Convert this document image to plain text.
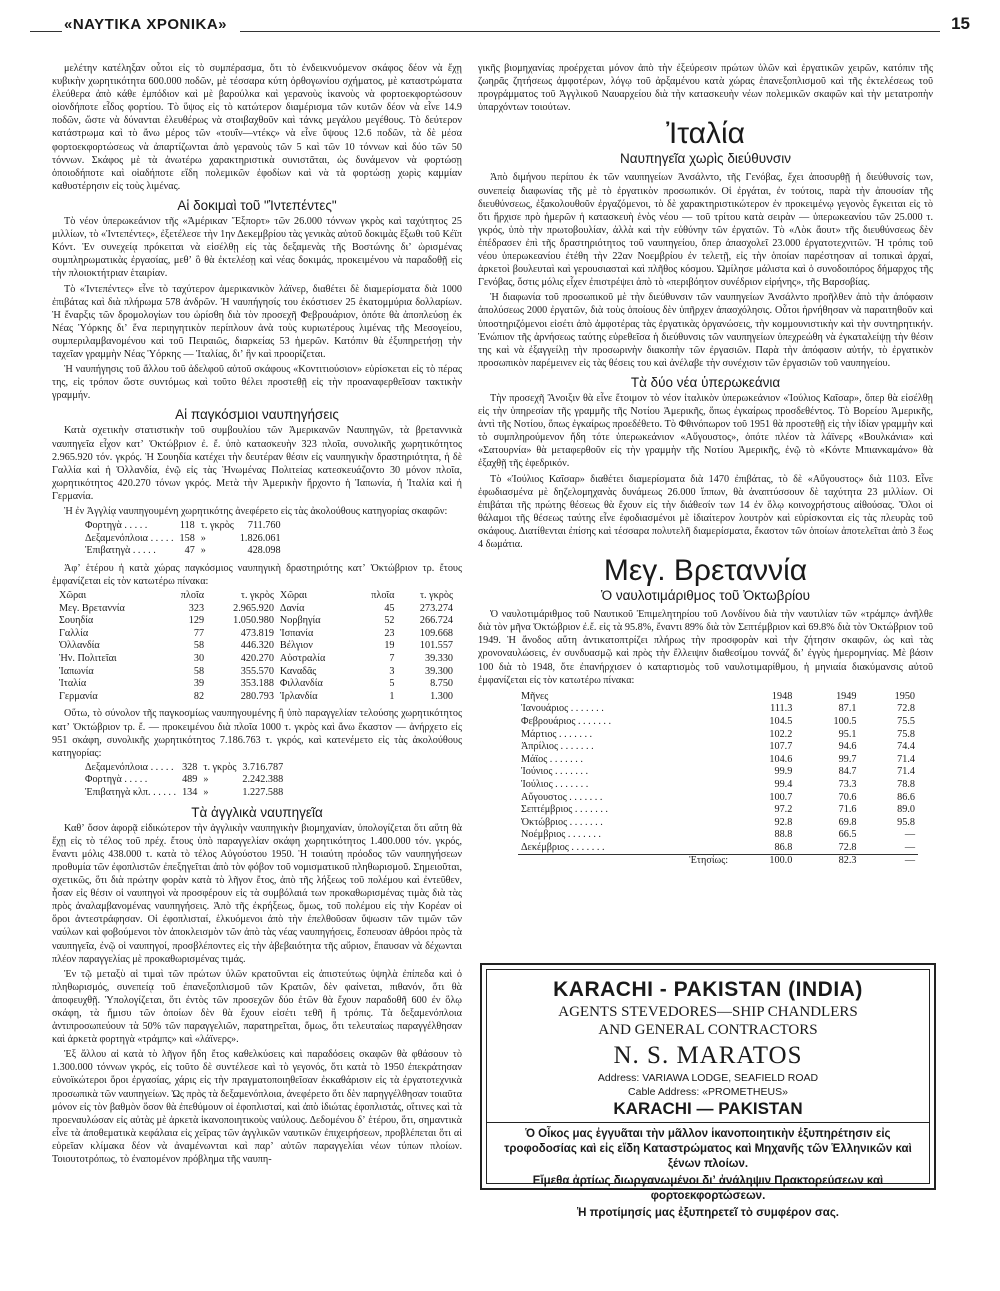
«ΝΑΥΤΙΚΑ ΧΡΟΝΙΚΑ»	15

μελέτην κατέληξαν οὗτοι εἰς τὸ συμπέρασμα, ὅτι τὸ ἐνδεικνυόμενον σκάφος δέον νὰ ἔχῃ κυβικὴν χωρητικότητα 600.000 ποδῶν, μὲ τέσσαρα κύτη ὀρθογωνίου σχήματος, μὲ καταστρώματα ἐλεύθερα ἀπὸ κάθε ἐμπόδιον καὶ μὲ βαρούλκα καὶ γερανοὺς ἱκανοὺς νὰ φορτοεκφορτώσουν οἱονδήποτε εἶδος φορτίου. Τὸ ὕψος εἰς τὸ κατώτερον διαμέρισμα τῶν κυτῶν δέον νὰ εἶνε 14.9 ποδῶν, ὥστε νὰ δύνανται ἐλευθέρως νὰ στοιβαχθοῦν καὶ τάνκς μεγάλου μεγέθους. Τὸ δεύτερον κατάστρωμα καὶ τὸ ἄνω μέρος τῶν «τουΐν—ντέκς» νὰ εἶνε ὕψους 12.6 ποδῶν, τὰ δὲ μέσα φορτοεκφορτώσεως νὰ ἀπαρτίζωνται ἀπὸ γερανοὺς τῶν 5 καὶ τῶν 10 τόννων καὶ δύο τῶν 50 τόννων. Σκάφος μὲ τὰ ἀνωτέρω χαρακτηριστικὰ συνιστᾶται, ὡς δυνάμενον νὰ φορτώσῃ ὁποιοδήποτε καὶ οἱαδήποτε εἴδη πολεμικῶν ἐφοδίων καὶ νὰ τὰ φορτώσῃ χωρὶς καμμίαν καθυστέρησιν εἰς τοὺς λιμένας.

Αἱ δοκιμαὶ τοῦ "Ἰντεπέντες"

Τὸ νέον ὑπερωκεάνιον τῆς «Ἀμέρικαν Ἔξπορτ» τῶν 26.000 τόννων γκρὸς καὶ ταχύτητος 25 μιλλίων, τὸ «Ἰντεπέντες», ἐξετέλεσε τὴν 1ην Δεκεμβρίου τὰς γενικὰς αὐτοῦ δοκιμὰς ἔξωθι τοῦ Κέϊπ Κόντ. Ἐν συνεχείᾳ πρόκειται νὰ εἰσέλθῃ εἰς τὰς δεξαμενὰς τῆς Βοστώνης διʼ ὡρισμένας συμπληρωματικὰς ἐργασίας, μεθʼ ὃ θὰ ἐκτελέσῃ καὶ νέας δοκιμάς, προκειμένου νὰ παραδοθῇ εἰς τὴν πλοιοκτήτριαν ἑταιρίαν.

Τὸ «Ἰντεπέντες» εἶνε τὸ ταχύτερον ἀμερικανικὸν λάϊνερ, διαθέτει δὲ διαμερίσματα διὰ 1000 ἐπιβάτας καὶ διὰ πλήρωμα 578 ἀνδρῶν. Ἡ ναυπήγησίς του ἐκόστισεν 25 ἑκατομμύρια δολλαρίων. Ἡ ἔναρξις τῶν δρομολογίων του ὡρίσθη διὰ τὸν προσεχῆ Φεβρουάριον, ὁπότε θὰ ἀποπλεύσῃ ἐκ Νέας Ὑόρκης διʼ ἕνα περιηγητικὸν περίπλουν ἀνὰ τοὺς κυριωτέρους λιμένας τῆς Μεσογείου, συμπεριλαμβανομένου καὶ τοῦ Πειραιῶς, διαρκείας 53 ἡμερῶν. Κατόπιν θὰ ἐξυπηρετήσῃ τὴν ταχεῖαν γραμμὴν Νέας Ὑόρκης — Ἰταλίας, διʼ ἣν καὶ προορίζεται.

Ἡ ναυπήγησις τοῦ ἄλλου τοῦ ἀδελφοῦ αὐτοῦ σκάφους «Κοντιτιούσιον» εὑρίσκεται εἰς τὸ πέρας της, εἰς τρόπον ὥστε συντόμως καὶ τοῦτο θέλει προστεθῇ εἰς τὴν προαναφερθεῖσαν τακτικὴν γραμμήν.

Αἱ παγκόσμιοι ναυπηγήσεις

Κατὰ σχετικὴν στατιστικὴν τοῦ συμβουλίου τῶν Ἀμερικανῶν Ναυπηγῶν, τὰ βρεταννικὰ ναυπηγεῖα εἶχον κατʼ Ὀκτώβριον ἐ. ἔ. ὑπὸ κατασκευὴν 323 πλοῖα, συνολικῆς χωρητικότητος 2.965.920 τόν. γκρός. Ἡ Σουηδία κατέχει τὴν δευτέραν θέσιν εἰς ναυπηγικὴν δραστηριότητα, ἡ δὲ Γαλλία καὶ ἡ Ὁλλανδία, ἐνῷ εἰς τὰς Ἡνωμένας Πολιτείας κατεσκευάζοντο 30 μόνον πλοῖα, χωρητικότητος 420.270 τόνων γκρός. Μετὰ τὴν Ἀμερικὴν ἤρχοντο ἡ Ἰαπωνία, ἡ Ἰταλία καὶ ἡ Γερμανία.

Ἡ ἐν Ἀγγλίᾳ ναυπηγουμένη χωρητικότης ἀνεφέρετο εἰς τὰς ἀκολούθους κατηγορίας σκαφῶν:

Φορτηγὰ . . . . .	118	τ. γκρὸς	711.760
Δεξαμενόπλοια . . . . .	158	»	1.826.061
Ἐπιβατηγὰ . . . . .	47	»	428.098

Ἀφʼ ἑτέρου ἡ κατὰ χώρας παγκόσμιος ναυπηγικὴ δραστηριότης κατʼ Ὀκτώβριον τρ. ἔτους ἐμφανίζεται εἰς τὸν κατωτέρω πίνακα:

Χῶραι	πλοῖα	τ. γκρὸς	Χῶραι	πλοῖα	τ. γκρὸς
Μεγ. Βρεταννία	323	2.965.920	Δανία	45	273.274
Σουηδία	129	1.050.980	Νορβηγία	52	266.724
Γαλλία	77	473.819	Ἱσπανία	23	109.668
Ὁλλανδία	58	446.320	Βέλγιον	19	101.557
Ἡν. Πολιτεῖαι	30	420.270	Αὐστραλία	7	39.330
Ἰαπωνία	58	355.570	Καναδᾶς	3	39.300
Ἰταλία	39	353.188	Φιλλανδία	5	8.750
Γερμανία	82	280.793	Ἰρλανδία	1	1.300

Οὕτω, τὸ σύνολον τῆς παγκοσμίως ναυπηγουμένης ἢ ὑπὸ παραγγελίαν τελούσης χωρητικότητος κατʼ Ὀκτώβριον τρ. ἔ. — προκειμένου διὰ πλοῖα 1000 τ. γκρὸς καὶ ἄνω ἕκαστον — ἀνήρχετο εἰς 951 σκάφη, συνολικῆς χωρητικότητος 7.186.763 τ. γκρός, καὶ κατενέμετο εἰς τὰς ἀκολούθους κατηγορίας:

Δεξαμενόπλοια . . . . .	328	τ. γκρὸς	3.716.787
Φορτηγὰ . . . . .	489	»	2.242.388
Ἐπιβατηγὰ κλπ. . . . . .	134	»	1.227.588
Τὰ ἀγγλικὰ ναυπηγεῖα

Καθʼ ὅσον ἀφορᾷ εἰδικώτερον τὴν ἀγγλικὴν ναυπηγικὴν βιομηχανίαν, ὑπολογίζεται ὅτι αὕτη θὰ ἔχῃ εἰς τὸ τέλος τοῦ πρέχ. ἔτους ὑπὸ παραγγελίαν σκάφη χωρητικότητος 1.400.000 τόν. γκρός, ἔναντι μόλις 438.000 τ. κατὰ τὸ τέλος Αὐγούστου 1950. Ἡ τοιαύτη πρόοδος τῶν ναυπηγήσεων προθυμία τῶν ἐφοπλιστῶν ἐπεξηγεῖται ἀπὸ τὸν φόβον τοῦ νομισματικοῦ πληθωρισμοῦ. Σημειοῦται, σχετικῶς, ὅτι διὰ πρώτην φορὰν κατὰ τὸ λῆγον ἔτος, ἀπὸ τῆς λήξεως τοῦ πολέμου καὶ ἐντεῦθεν, ἦσαν εἰς θέσιν οἱ ναυπηγοὶ νὰ προσφέρουν εἰς τὰ συμβόλαιά των προκαθωρισμένας τιμὰς διὰ τὰς πρὸς ἀναλαμβανομένας ναυπηγήσεις. Ἀπὸ τῆς ἐκρήξεως, ὅμως, τοῦ πολέμου εἰς τὴν Κορέαν οἱ ὅροι ἀντεστράφησαν. Οἱ ἐφοπλισταί, ἑλκυόμενοι ἀπὸ τὴν ἐπελθοῦσαν ὕψωσιν τῶν τιμῶν τῶν ναύλων καὶ φοβούμενοι τὸν ἀποκλεισμὸν τῶν ἀπὸ τὰς νέας ναυπηγήσεις, ἔσπευσαν ἀθρόοι πρὸς τὰ ναυπηγεῖα, ἐνῷ οἱ ναυπηγοί, προσβλέποντες εἰς τὴν ἀβεβαιότητα τῆς αὔριον, ἔπαυσαν νὰ δέχωνται πλέον παραγγελίας μὲ προκαθωρισμένας τιμάς.

Ἐν τῷ μεταξὺ αἱ τιμαὶ τῶν πρώτων ὑλῶν κρατοῦνται εἰς ἀπιστεύτως ὑψηλὰ ἐπίπεδα καὶ ὁ πληθωρισμός, συνεπείᾳ τοῦ ἐπανεξοπλισμοῦ τῶν Κρατῶν, δὲν φαίνεται, πιθανόν, ὅτι θὰ ἀποφευχθῇ. Ὑπολογίζεται, ὅτι ἐντὸς τῶν προσεχῶν δύο ἐτῶν θὰ ἔχουν παραδοθῆ 600 ἐν ὅλῳ σκάφη, τὰ ἥμισυ τῶν ὁποίων δὲν θὰ ἔχουν εἰσέτι τεθῆ ἢ τρόπις. Τὰ δεξαμενόπλοια ἀντιπροσωπεύουν τὰ 50% τῶν παραγγελιῶν, παρατηρεῖται, ὅμως, ὅτι τελευταίως παραγγέλθησαν καὶ ἀρκετὰ φορτηγὰ «τράμπς» καὶ «λάϊνερς».

Ἐξ ἄλλου αἱ κατὰ τὸ λῆγον ἤδη ἔτος καθελκύσεις καὶ παραδόσεις σκαφῶν θὰ φθάσουν τὸ 1.300.000 τόννων γκρός, εἰς τοῦτο δὲ συντέλεσε καὶ τὸ γεγονός, ὅτι κατὰ τὸ 1950 ἐπεκράτησαν εὐνοϊκώτεροι ὅροι ἐργασίας, χάρις εἰς τὴν πραγματοποιηθεῖσαν ἐκκαθάρισιν εἰς τὰ ἐργατοτεχνικὰ προσωπικὰ τῶν ναυπηγείων. Ὡς πρὸς τὰ δεξαμενόπλοια, ἀνεφέρετο ὅτι δὲν παρηγγέλθησαν τοιαῦτα μόνον εἰς τὸν βαθμὸν ὅσον θὰ ἐπεθύμουν οἱ ἐφοπλισταί, καὶ ἀπὸ ἰδιώτας ἐφοπλιστάς, οἵτινες καὶ τὰ προεναυλώσαν εἰς αὐτὰς μὲ ἀρκετὰ ἱκανοποιητικοὺς ναύλους. Δεδομένου δʼ ἑτέρου, ὅτι, σημαντικὰ εἶνε τὰ ἀποθεματικὰ κεφάλαια εἰς χεῖρας τῶν ἀγγλικῶν ναυτικῶν ἐπιχειρήσεων, προβλέπεται ὅτι αἱ εὐρεῖαν κλίμακα δέον νὰ ἀναμένωνται καὶ παρʼ αὐτῶν παραγγελίαι νέων τύπων πλοίων. Τοιουτοτρόπως, τὸ ἐναπομένον πρόβλημα τῆς ναυπη-

γικῆς βιομηχανίας προέρχεται μόνον ἀπὸ τὴν ἐξεύρεσιν πρώτων ὑλῶν καὶ ἐργατικῶν χειρῶν, κατόπιν τῆς ζωηρᾶς ζητήσεως ἀμφοτέρων, λόγῳ τοῦ ἀρξαμένου κατὰ χώρας ἐπανεξοπλισμοῦ καὶ τῆς ἐκτελέσεως τοῦ προγράμματος τοῦ Ἀγγλικοῦ Ναυαρχείου διὰ τὴν κατασκευὴν νέων πολεμικῶν σκαφῶν καὶ τὴν μετατροπὴν ὑπαρχόντων τοιούτων.

Ἰταλία
Ναυπηγεῖα χωρὶς διεύθυνσιν

Ἀπὸ διμήνου περίπου ἐκ τῶν ναυπηγείων Ἀνσάλντο, τῆς Γενόβας, ἔχει ἀποσυρθῇ ἡ διεύθυνσίς των, συνεπείᾳ διαφωνίας τῆς μὲ τὸ ἐργατικὸν προσωπικόν. Οἱ ἐργάται, ἐν τούτοις, παρὰ τὴν ἀπουσίαν τῆς διευθύνσεως, ἐξακολουθοῦν ἐργαζόμενοι, τὸ δὲ χαρακτηριστικώτερον ἐν προκειμένῳ γεγονὸς ἔγκειται εἰς τὸ ὅτι ἤρχισε πρὸ ἡμερῶν ἡ κατασκευὴ ἑνὸς νέου — τοῦ τρίτου κατὰ σειρὰν — ὑπερωκεανίου τῶν 25.000 τ. γκρός, ὑπὸ τὴν πρωτοβουλίαν, ἀλλὰ καὶ τὴν εὐθύνην τῶν ἐργατῶν. Τὸ «Λὸκ ἄουτ» τῆς διευθύνσεως δὲν ἐπέδρασεν ἐπὶ τῆς δραστηριότητος τοῦ ναυπηγείου, ὅπερ ἀπασχολεῖ 23.000 ἐργατοτεχνιτῶν. Ἡ τρόπις τοῦ νέου ὑπερωκεανίου ἐτέθη τὴν 22αν Νοεμβρίου ἐν τελετῇ, εἰς τὴν ὁποίαν παρέστησαν αἱ τοπικαὶ ἀρχαί, ἀρκετοὶ βουλευταὶ καὶ γερουσιασταὶ καὶ πλῆθος κόσμου. Ὡμίλησε μάλιστα καὶ ὁ συνοδοιπόρος δήμαρχος τῆς Γενόβας, ὅστις μόλις εἶχεν ἐπιστρέψει ἀπὸ τὸ «περιβόητον συνέδριον εἰρήνης», τῆς Βαρσοβίας.

Ἡ διαφωνία τοῦ προσωπικοῦ μὲ τὴν διεύθυνσιν τῶν ναυπηγείων Ἀνσάλντο προῆλθεν ἀπὸ τὴν ἀπόφασιν ἀπολύσεως 2000 ἐργατῶν, διὰ τοὺς ὁποίους δὲν ὑπῆρχεν ἀπασχόλησις. Οὗτοι ἠρνήθησαν νὰ παραιτηθοῦν καὶ ὑποστηριζόμενοι εἰσέτι ἀπὸ ἀμφοτέρας τὰς ἐργατικὰς ὀργανώσεις, τὴν κομμουνιστικὴν καὶ τὴν συντηρητικήν. Ἐνώπιον τῆς ἀρνήσεως ταύτης εὑρεθεῖσα ἡ διεύθυνσις τῶν ναυπηγείων ὑπεχρεώθη νὰ ἐγκαταλείψῃ τὴν θέσιν της καὶ νὰ ἐξαγγείλῃ τὴν προσωρινὴν διακοπὴν τῶν ἐργασιῶν. Παρὰ τὴν ἀπόφασιν αὐτήν, τὸ ἐργατικὸν προσωπικὸν παρέμεινεν εἰς τὰς θέσεις του καὶ ἀνέλαβε τὴν συνέχισιν τῶν ἐργασιῶν τοῦ ναυπηγείου.

Τὰ δύο νέα ὑπερωκεάνια

Τὴν προσεχῆ Ἄνοιξιν θὰ εἶνε ἕτοιμον τὸ νέον ἰταλικὸν ὑπερωκεάνιον «Ἰούλιος Καῖσαρ», ὅπερ θὰ εἰσέλθῃ εἰς τὴν ὑπηρεσίαν τῆς γραμμῆς τῆς Νοτίου Ἀμερικῆς, ὅπως ἐγκαίρως προσδεθέντος. Τὸ Βορείου Ἀμερικῆς, ἀντὶ τῆς Νοτίου, ὅπως ἐγκαίρως προεδέθετο. Τὸ Φθινόπωρον τοῦ 1951 θὰ προστεθῇ εἰς τὴν ἰδίαν γραμμὴν καὶ τὸ συμπληρούμενον ἤδη τότε ὑπερωκεάνιον «Αὔγουστος», ὁπότε πλέον τὰ λάϊνερς «Βουλκάνια» καὶ «Σατουρνία» θὰ μεταφερθοῦν εἰς τὴν γραμμὴν τῆς Νοτίου Ἀμερικῆς, ἐνῷ τὸ «Κόντε Μπιανκαμάνο» θὰ ἐξαχθῇ τῆς ἐφεδρικόν.

Τὸ «Ἰούλιος Καῖσαρ» διαθέτει διαμερίσματα διὰ 1470 ἐπιβάτας, τὸ δὲ «Αὔγουστος» διὰ 1103. Εἶνε ἐφωδιασμένα μὲ δηζελομηχανὰς δυνάμεως 26.000 ἵππων, θὰ ἀναπτύσσουν δὲ ταχύτητα 23 μιλλίων. Οἱ ἐπιβάται τῆς πρώτης θέσεως θὰ ἔχουν εἰς τὴν διάθεσίν των 14 ἐν ὅλῳ κοινοχρήστους αἰθούσας. Ὅλοι οἱ θάλαμοι τῆς θέσεως ταύτης εἶνε ἐφοδιασμένοι μὲ ἰδιαίτερον λουτρὸν καὶ εὑρίσκονται εἰς τὰς πλευρὰς τοῦ σκάφους. Διατίθενται ἐπίσης καὶ τέσσαρα πολυτελῆ διαμερίσματα, ἕκαστον τῶν ὁποίων ἀποτελεῖται ἀπὸ 3 ἕως 4 δωμάτια.

Μεγ. Βρεταννία
Ὁ ναυλοτιμάριθμος τοῦ Ὀκτωβρίου

Ὁ ναυλοτιμάριθμος τοῦ Ναυτικοῦ Ἐπιμελητηρίου τοῦ Λονδίνου διὰ τὴν ναυτιλίαν τῶν «τράμπς» ἀνῆλθε διὰ τὸν μῆνα Ὀκτώβριον ἐ.ἔ. εἰς τὰ 95.8%, ἔναντι 89% διὰ τὸν Σεπτέμβριον καὶ 69.8% διὰ τὸν Ὀκτώβριον τοῦ 1949. Ἡ ἄνοδος αὕτη ἀντικατοπτρίζει πλήρως τὴν προσφορὰν καὶ τὴν ζήτησιν σκαφῶν, ὡς καὶ τὰς χρονοναυλώσεις, ἐν συνδυασμῷ καὶ πρὸς τὴν ἔλλειψιν διαθεσίμου τοννάζ διʼ ἐγγὺς ἡμερομηνίας. Μὲ βάσιν 100 διὰ τὸ 1948, ὅτε ἐπανήρχισεν ὁ καταρτισμὸς τοῦ ναυλοτιμαρίθμου, ἡ μηνιαία διακύμανσις αὐτοῦ ἐμφανίζεται εἰς τὸν κατωτέρω πίνακα:

Μῆνες	1948	1949	1950
Ἰανουάριος . . . . . . .	111.3	87.1	72.8
Φεβρουάριος . . . . . . .	104.5	100.5	75.5
Μάρτιος . . . . . . .	102.2	95.1	75.8
Ἀπρίλιος . . . . . . .	107.7	94.6	74.4
Μάϊος . . . . . . .	104.6	99.7	71.4
Ἰούνιος . . . . . . .	99.9	84.7	71.4
Ἰούλιος . . . . . . .	99.4	73.3	78.8
Αὔγουστος . . . . . . .	100.7	70.6	86.6
Σεπτέμβριος . . . . . . .	97.2	71.6	89.0
Ὀκτώβριος . . . . . . .	92.8	69.8	95.8
Νοέμβριος . . . . . . .	88.8	66.5	—
Δεκέμβριος . . . . . . .	86.8	72.8	—
Ἐτησίως:	100.0	82.3	—
KARACHI - PAKISTAN (INDIA)
AGENTS STEVEDORES—SHIP CHANDLERS
AND GENERAL CONTRACTORS
N. S. MARATOS
Address: VARIAWA LODGE, SEAFIELD ROAD
Cable Address: «PROMETHEUS»
KARACHI — PAKISTAN
Ὁ Οἶκος μας ἐγγυᾶται τὴν μᾶλλον ἱκανοποιητικὴν ἐξυπηρέτησιν εἰς τροφοδοσίας καὶ εἰς εἴδη Καταστρώματος καὶ Μηχανῆς τῶν Ἑλληνικῶν καὶ ξένων πλοίων.
Εἴμεθα ἀρτίως διωργανωμένοι διʼ ἀνάληψιν Πρακτορεύσεων καὶ φορτοεκφορτώσεων.
Ἡ προτίμησίς μας ἐξυπηρετεῖ τὸ συμφέρον σας.
